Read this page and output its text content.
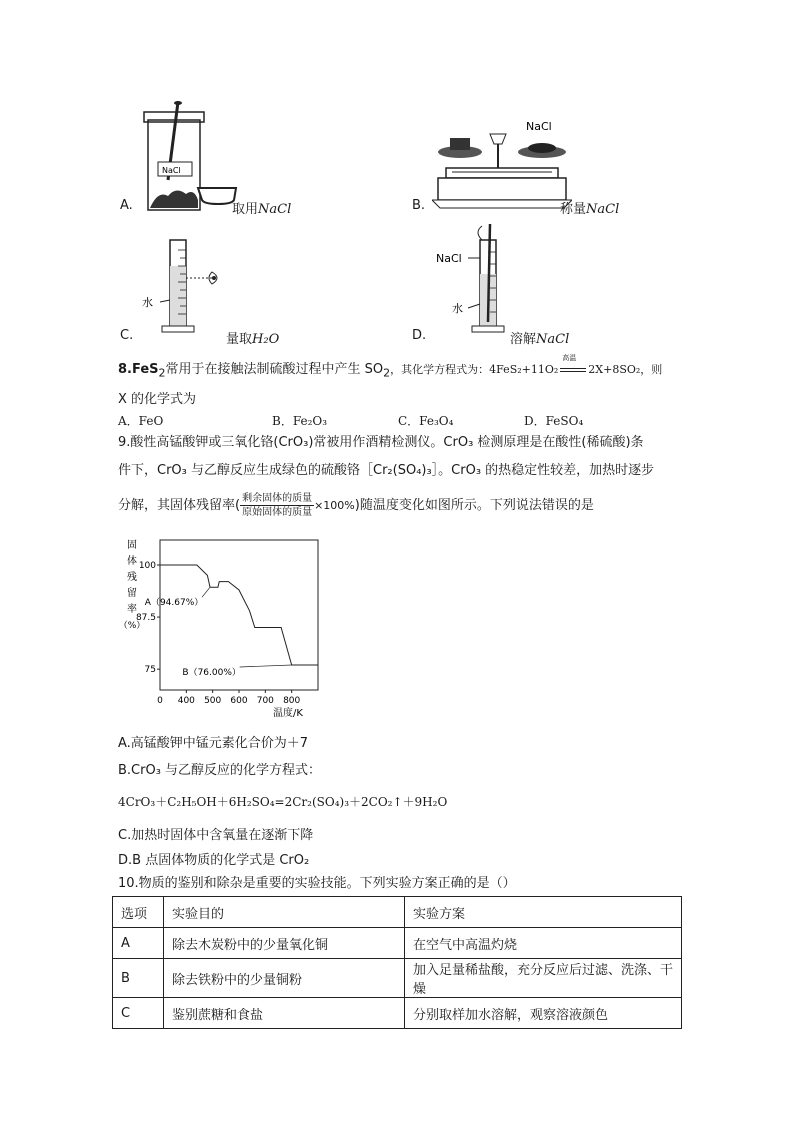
NaCl
A.	取用NaCl
NaCl
B.	称量NaCl
水
C.	量取H₂O
NaCl
水
D.	溶解NaCl
8.FeS$_2$常用于在接触法制硫酸过程中产生 $SO_2$，其化学方程式为：4FeS₂+11O₂
高温
2X+8SO₂，则
X 的化学式为
A．FeO	B．Fe₂O₃	C．Fe₃O₄	D．FeSO₄
9.酸性高锰酸钾或三氧化铬(CrO₃)常被用作酒精检测仪。CrO₃ 检测原理是在酸性(稀硫酸)条
件下，CrO₃ 与乙醇反应生成绿色的硫酸铬［Cr₂(SO₄)₃］。CrO₃ 的热稳定性较差，加热时逐步
分解，其固体残留率( $\frac{\text{剩余固体的质量}}{\text{原始固体的质量}} \times 100\%$)随温度变化如图所示。下列说法错误的是
固
体
残
留
率
（%）
75
87.5
100
0 400 500 600 700 800
A（94.67%）
B（76.00%）
温度/K
A.高锰酸钾中锰元素化合价为＋7
B.CrO₃ 与乙醇反应的化学方程式：
4CrO₃＋C₂H₅OH＋6H₂SO₄=2Cr₂(SO₄)₃＋2CO₂↑＋9H₂O
C.加热时固体中含氧量在逐渐下降
D.B 点固体物质的化学式是 CrO₂
10.物质的鉴别和除杂是重要的实验技能。下列实验方案正确的是（）
选项	实验目的	实验方案
A	除去木炭粉中的少量氧化铜	在空气中高温灼烧
B	除去铁粉中的少量铜粉	加入足量稀盐酸，充分反应后过滤、洗涤、干燥
C	鉴别蔗糖和食盐	分别取样加水溶解，观察溶液颜色
